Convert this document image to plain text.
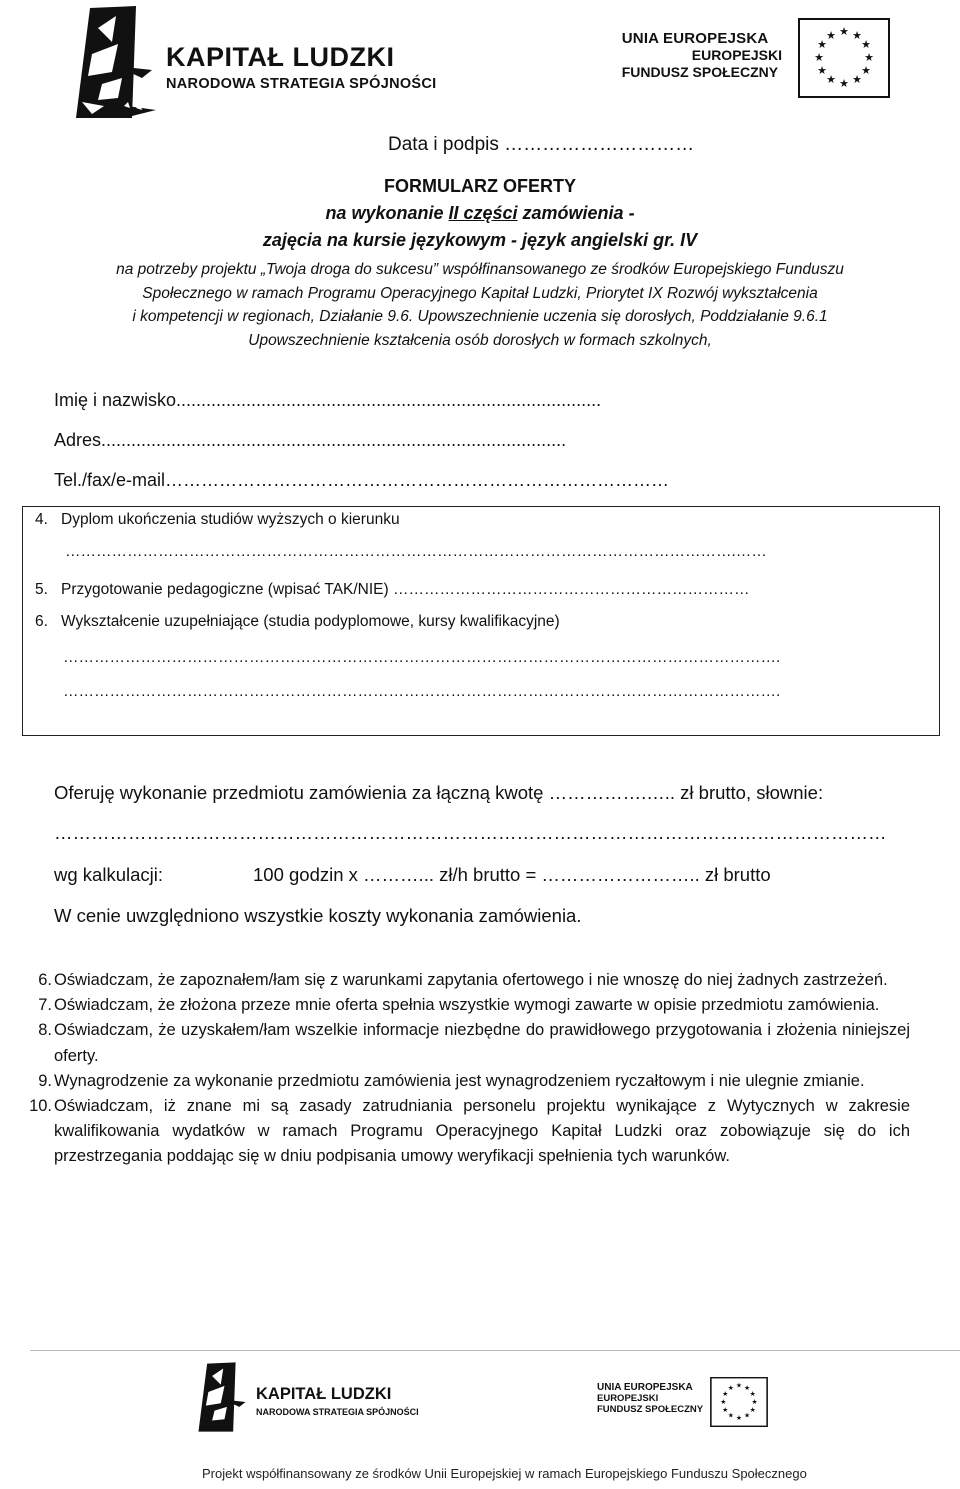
KAPITAŁ LUDZKI
NARODOWA STRATEGIA SPÓJNOŚCI
UNIA EUROPEJSKA
EUROPEJSKI
FUNDUSZ SPOŁECZNY
★ ★
★
★
★
★
★
★
★
★
★
★
Data i podpis …………………………
FORMULARZ OFERTY
na wykonanie II części zamówienia -
zajęcia na kursie językowym - język angielski gr. IV
na potrzeby projektu „Twoja droga do sukcesu” współfinansowanego ze środków Europejskiego Funduszu
Społecznego w ramach Programu Operacyjnego Kapitał Ludzki, Priorytet IX Rozwój wykształcenia
i kompetencji w regionach, Działanie 9.6. Upowszechnienie uczenia się dorosłych, Poddziałanie 9.6.1
Upowszechnienie kształcenia osób dorosłych w formach szkolnych,
Imię i nazwisko.....................................................................................
Adres.............................................................................................
Tel./fax/e-mail…………………………………………………………………………
4. Dyplom ukończenia studiów wyższych o kierunku
………………………………………………………………………………………………………………….……
5. Przygotowanie pedagogiczne (wpisać TAK/NIE) ……………………………………………………………
6. Wykształcenie uzupełniające (studia podyplomowe, kursy kwalifikacyjne)
………………………………………………………………………………………………………………………….
………………………………………………………………………………………………………………………….
Oferuję wykonanie przedmiotu zamówienia za łączną kwotę …………….….. zł brutto, słownie:
………………………………………………………………………………………………………………………
wg kalkulacji:	100 godzin x ………... zł/h brutto = …………………….. zł brutto
W cenie uwzględniono wszystkie koszty wykonania zamówienia.
6. Oświadczam, że zapoznałem/łam się z warunkami zapytania ofertowego i nie wnoszę do niej żadnych zastrzeżeń.
7. Oświadczam, że złożona przeze mnie oferta spełnia wszystkie wymogi zawarte w opisie przedmiotu zamówienia.
8. Oświadczam, że uzyskałem/łam wszelkie informacje niezbędne do prawidłowego przygotowania i złożenia niniejszej oferty.
9. Wynagrodzenie za wykonanie przedmiotu zamówienia jest wynagrodzeniem ryczałtowym i nie ulegnie zmianie.
10. Oświadczam, iż znane mi są zasady zatrudniania personelu projektu wynikające z Wytycznych w zakresie kwalifikowania wydatków w ramach Programu Operacyjnego Kapitał Ludzki oraz zobowiązuje się do ich przestrzegania poddając się w dniu podpisania umowy weryfikacji spełnienia tych warunków.
KAPITAŁ LUDZKI
NARODOWA STRATEGIA SPÓJNOŚCI
UNIA EUROPEJSKA
EUROPEJSKI
FUNDUSZ SPOŁECZNY
★ ★
★
★
★
★
★
★
★
★
★
★
Projekt współfinansowany ze środków Unii Europejskiej w ramach Europejskiego Funduszu Społecznego
